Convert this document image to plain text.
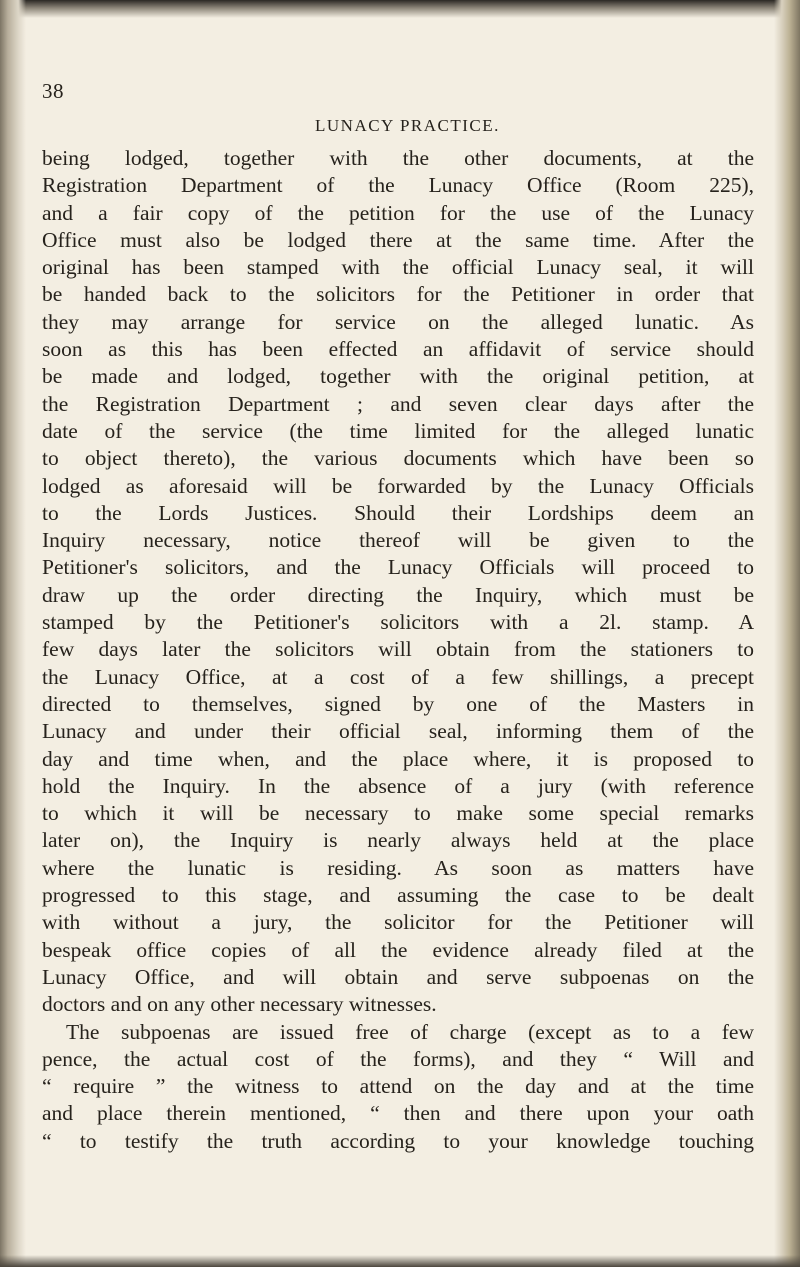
38
LUNACY PRACTICE.
being lodged, together with the other documents, at the
Registration Department of the Lunacy Office (Room 225),
and a fair copy of the petition for the use of the Lunacy
Office must also be lodged there at the same time. After the
original has been stamped with the official Lunacy seal, it will
be handed back to the solicitors for the Petitioner in order that
they may arrange for service on the alleged lunatic. As
soon as this has been effected an affidavit of service should
be made and lodged, together with the original petition, at
the Registration Department ; and seven clear days after the
date of the service (the time limited for the alleged lunatic
to object thereto), the various documents which have been so
lodged as aforesaid will be forwarded by the Lunacy Officials
to the Lords Justices. Should their Lordships deem an
Inquiry necessary, notice thereof will be given to the
Petitioner's solicitors, and the Lunacy Officials will proceed to
draw up the order directing the Inquiry, which must be
stamped by the Petitioner's solicitors with a 2l. stamp. A
few days later the solicitors will obtain from the stationers to
the Lunacy Office, at a cost of a few shillings, a precept
directed to themselves, signed by one of the Masters in
Lunacy and under their official seal, informing them of the
day and time when, and the place where, it is proposed to
hold the Inquiry. In the absence of a jury (with reference
to which it will be necessary to make some special remarks
later on), the Inquiry is nearly always held at the place
where the lunatic is residing. As soon as matters have
progressed to this stage, and assuming the case to be dealt
with without a jury, the solicitor for the Petitioner will
bespeak office copies of all the evidence already filed at the
Lunacy Office, and will obtain and serve subpoenas on the
doctors and on any other necessary witnesses.
The subpoenas are issued free of charge (except as to a few
pence, the actual cost of the forms), and they “ Will and
“ require ” the witness to attend on the day and at the time
and place therein mentioned, “ then and there upon your oath
“ to testify the truth according to your knowledge touching
